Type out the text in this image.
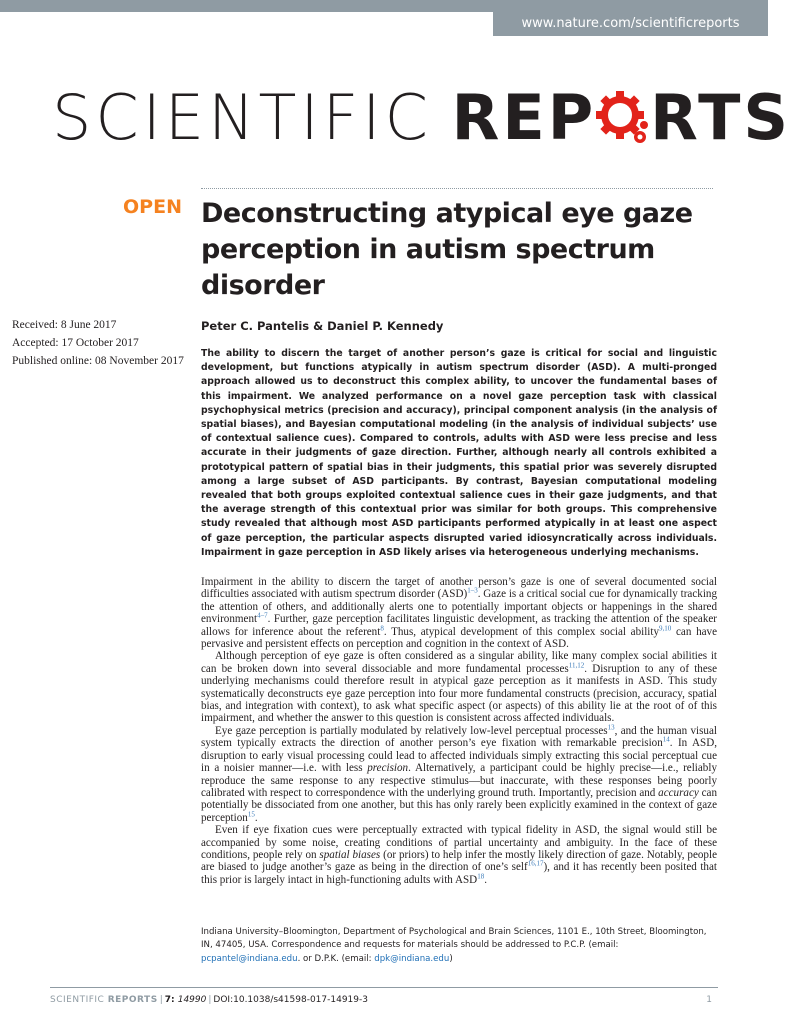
www.nature.com/scientificreports
SCIENTIFIC REP RTS
OPEN Deconstructing atypical eye gaze perception in autism spectrum disorder
Received: 8 June 2017
Accepted: 17 October 2017
Published online: 08 November 2017
Peter C. Pantelis & Daniel P. Kennedy

The ability to discern the target of another person’s gaze is critical for social and linguistic development, but functions atypically in autism spectrum disorder (ASD). A multi-pronged approach allowed us to deconstruct this complex ability, to uncover the fundamental bases of this impairment. We analyzed performance on a novel gaze perception task with classical psychophysical metrics (precision and accuracy), principal component analysis (in the analysis of spatial biases), and Bayesian computational modeling (in the analysis of individual subjects’ use of contextual salience cues). Compared to controls, adults with ASD were less precise and less accurate in their judgments of gaze direction. Further, although nearly all controls exhibited a prototypical pattern of spatial bias in their judgments, this spatial prior was severely disrupted among a large subset of ASD participants. By contrast, Bayesian computational modeling revealed that both groups exploited contextual salience cues in their gaze judgments, and that the average strength of this contextual prior was similar for both groups. This comprehensive study revealed that although most ASD participants performed atypically in at least one aspect of gaze perception, the particular aspects disrupted varied idiosyncratically across individuals. Impairment in gaze perception in ASD likely arises via heterogeneous underlying mechanisms.

Impairment in the ability to discern the target of another person’s gaze is one of several documented social difficulties associated with autism spectrum disorder (ASD)$^{1-3}$. Gaze is a critical social cue for dynamically tracking the attention of others, and additionally alerts one to potentially important objects or happenings in the shared environment$^{4-7}$. Further, gaze perception facilitates linguistic development, as tracking the attention of the speaker allows for inference about the referent$^8$. Thus, atypical development of this complex social ability$^{9,10}$ can have pervasive and persistent effects on perception and cognition in the context of ASD.

Although perception of eye gaze is often considered as a singular ability, like many complex social abilities it can be broken down into several dissociable and more fundamental processes$^{11,12}$. Disruption to any of these underlying mechanisms could therefore result in atypical gaze perception as it manifests in ASD. This study systematically deconstructs eye gaze perception into four more fundamental constructs (precision, accuracy, spatial bias, and integration with context), to ask what specific aspect (or aspects) of this ability lie at the root of of this impairment, and whether the answer to this question is consistent across affected individuals.

Eye gaze perception is partially modulated by relatively low-level perceptual processes$^{13}$, and the human visual system typically extracts the direction of another person’s eye fixation with remarkable precision$^{14}$. In ASD, disruption to early visual processing could lead to affected individuals simply extracting this social perceptual cue in a noisier manner—i.e. with less precision. Alternatively, a participant could be highly precise—i.e., reliably reproduce the same response to any respective stimulus—but inaccurate, with these responses being poorly calibrated with respect to correspondence with the underlying ground truth. Importantly, precision and accuracy can potentially be dissociated from one another, but this has only rarely been explicitly examined in the context of gaze perception$^{15}$.

Even if eye fixation cues were perceptually extracted with typical fidelity in ASD, the signal would still be accompanied by some noise, creating conditions of partial uncertainty and ambiguity. In the face of these conditions, people rely on spatial biases (or priors) to help infer the mostly likely direction of gaze. Notably, people are biased to judge another’s gaze as being in the direction of one’s self$^{16,17}$), and it has recently been posited that this prior is largely intact in high-functioning adults with ASD$^{18}$.

Indiana University–Bloomington, Department of Psychological and Brain Sciences, 1101 E., 10th Street, Bloomington, IN, 47405, USA. Correspondence and requests for materials should be addressed to P.C.P. (email: pcpantel@indiana.edu. or D.P.K. (email: dpk@indiana.edu)
SCIENTIFIC REPORTS | 7: 14990 | DOI:10.1038/s41598-017-14919-3	1
